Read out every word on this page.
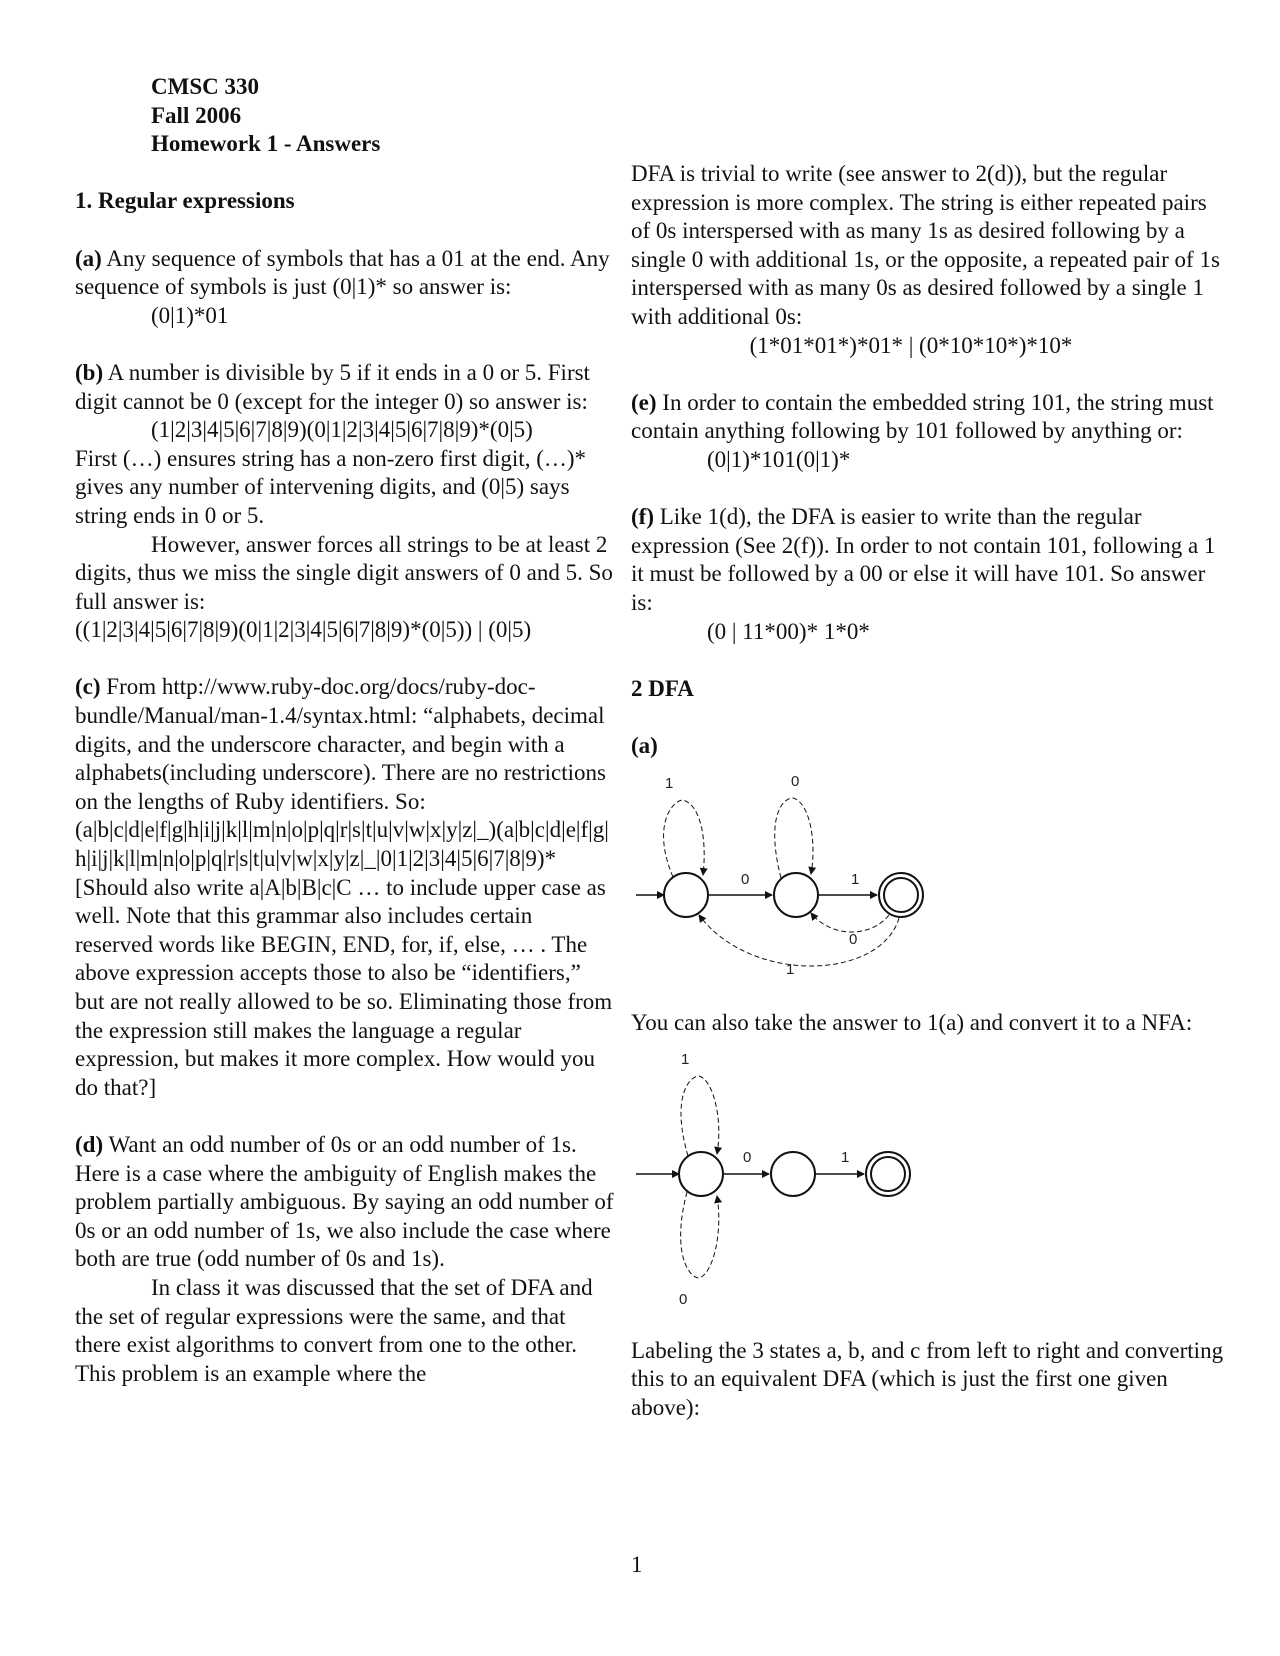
CMSC 330
Fall 2006
Homework 1 - Answers
1. Regular expressions
(a) Any sequence of symbols that has a 01 at the end. Any sequence of symbols is just (0|1)* so answer is:
(0|1)*01
(b) A number is divisible by 5 if it ends in a 0 or 5. First digit cannot be 0 (except for the integer 0) so answer is:
(1|2|3|4|5|6|7|8|9)(0|1|2|3|4|5|6|7|8|9)*(0|5)
First (…) ensures string has a non-zero first digit, (…)* gives any number of intervening digits, and (0|5) says string ends in 0 or 5.
However, answer forces all strings to be at least 2 digits, thus we miss the single digit answers of 0 and 5. So full answer is:
((1|2|3|4|5|6|7|8|9)(0|1|2|3|4|5|6|7|8|9)*(0|5)) | (0|5)
(c) From http://www.ruby-doc.org/docs/ruby-doc-bundle/Manual/man-1.4/syntax.html: “alphabets, decimal digits, and the underscore character, and begin with a alphabets(including underscore). There are no restrictions on the lengths of Ruby identifiers. So:
(a|b|c|d|e|f|g|h|i|j|k|l|m|n|o|p|q|r|s|t|u|v|w|x|y|z|_)(a|b|c|d|e|f|g|h|i|j|k|l|m|n|o|p|q|r|s|t|u|v|w|x|y|z|_|0|1|2|3|4|5|6|7|8|9)*
[Should also write a|A|b|B|c|C … to include upper case as well. Note that this grammar also includes certain reserved words like BEGIN, END, for, if, else, … . The above expression accepts those to also be “identifiers,” but are not really allowed to be so. Eliminating those from the expression still makes the language a regular expression, but makes it more complex. How would you do that?]
(d) Want an odd number of 0s or an odd number of 1s. Here is a case where the ambiguity of English makes the problem partially ambiguous. By saying an odd number of 0s or an odd number of 1s, we also include the case where both are true (odd number of 0s and 1s).
In class it was discussed that the set of DFA and the set of regular expressions were the same, and that there exist algorithms to convert from one to the other. This problem is an example where the
DFA is trivial to write (see answer to 2(d)), but the regular expression is more complex. The string is either repeated pairs of 0s interspersed with as many 1s as desired following by a single 0 with additional 1s, or the opposite, a repeated pair of 1s interspersed with as many 0s as desired followed by a single 1 with additional 0s:
(1*01*01*)*01* | (0*10*10*)*10*
(e) In order to contain the embedded string 101, the string must contain anything following by 101 followed by anything or:
(0|1)*101(0|1)*
(f) Like 1(d), the DFA is easier to write than the regular expression (See 2(f)). In order to not contain 101, following a 1 it must be followed by a 00 or else it will have 101. So answer is:
(0 | 11*00)* 1*0*
2 DFA
(a)
1	0
0	1
0
1
You can also take the answer to 1(a) and convert it to a NFA:
1
0
0	1
Labeling the 3 states a, b, and c from left to right and converting this to an equivalent DFA (which is just the first one given above):
1
